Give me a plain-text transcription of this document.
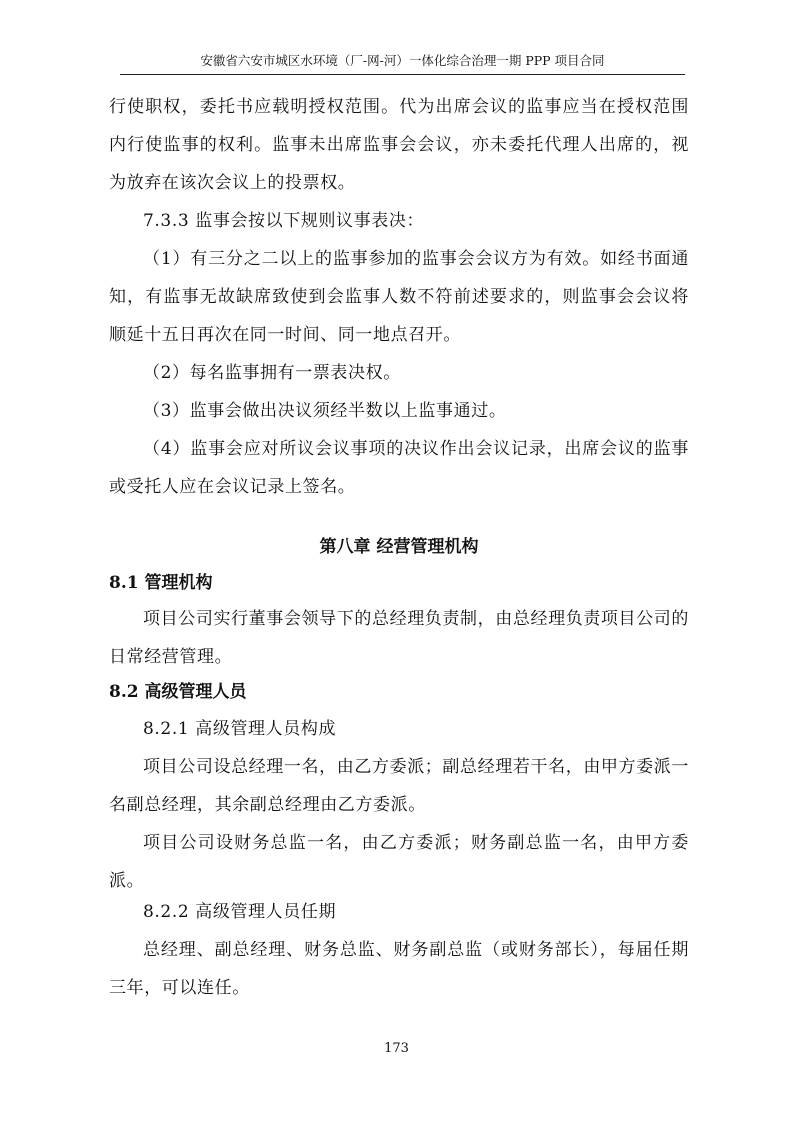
安徽省六安市城区水环境（厂-网-河）一体化综合治理一期 PPP 项目合同
行使职权，委托书应载明授权范围。代为出席会议的监事应当在授权范围内行使监事的权利。监事未出席监事会会议，亦未委托代理人出席的，视为放弃在该次会议上的投票权。
7.3.3 监事会按以下规则议事表决：
（1）有三分之二以上的监事参加的监事会会议方为有效。如经书面通知，有监事无故缺席致使到会监事人数不符前述要求的，则监事会会议将顺延十五日再次在同一时间、同一地点召开。
（2）每名监事拥有一票表决权。
（3）监事会做出决议须经半数以上监事通过。
（4）监事会应对所议会议事项的决议作出会议记录，出席会议的监事或受托人应在会议记录上签名。
第八章 经营管理机构
8.1 管理机构
项目公司实行董事会领导下的总经理负责制，由总经理负责项目公司的日常经营管理。
8.2 高级管理人员
8.2.1 高级管理人员构成
项目公司设总经理一名，由乙方委派；副总经理若干名，由甲方委派一名副总经理，其余副总经理由乙方委派。
项目公司设财务总监一名，由乙方委派；财务副总监一名，由甲方委派。
8.2.2 高级管理人员任期
总经理、副总经理、财务总监、财务副总监（或财务部长），每届任期三年，可以连任。
173
